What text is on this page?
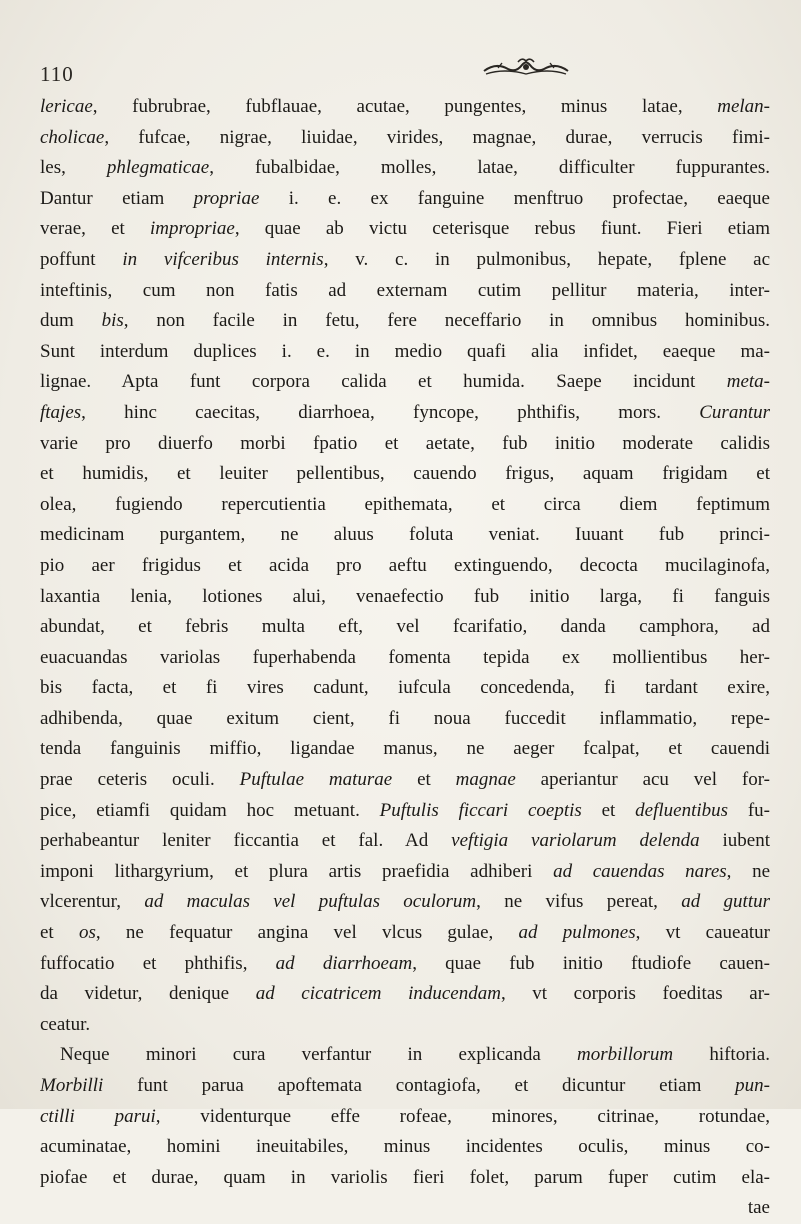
110
lericae, fubrubrae, fubflauae, acutae, pungentes, minus latae, melan-
cholicae, fufcae, nigrae, liuidae, virides, magnae, durae, verrucis fimi-
les, phlegmaticae, fubalbidae, molles, latae, difficulter fuppurantes.
Dantur etiam propriae i. e. ex fanguine menftruo profectae, eaeque
verae, et impropriae, quae ab victu ceterisque rebus fiunt. Fieri etiam
poffunt in vifceribus internis, v. c. in pulmonibus, hepate, fplene ac
inteftinis, cum non fatis ad externam cutim pellitur materia, inter-
dum bis, non facile in fetu, fere neceffario in omnibus hominibus.
Sunt interdum duplices i. e. in medio quafi alia infidet, eaeque ma-
lignae. Apta funt corpora calida et humida. Saepe incidunt meta-
ftajes, hinc caecitas, diarrhoea, fyncope, phthifis, mors. Curantur
varie pro diuerfo morbi fpatio et aetate, fub initio moderate calidis
et humidis, et leuiter pellentibus, cauendo frigus, aquam frigidam et
olea, fugiendo repercutientia epithemata, et circa diem feptimum
medicinam purgantem, ne aluus foluta veniat. Iuuant fub princi-
pio aer frigidus et acida pro aeftu extinguendo, decocta mucilaginofa,
laxantia lenia, lotiones alui, venaefectio fub initio larga, fi fanguis
abundat, et febris multa eft, vel fcarifatio, danda camphora, ad
euacuandas variolas fuperhabenda fomenta tepida ex mollientibus her-
bis facta, et fi vires cadunt, iufcula concedenda, fi tardant exire,
adhibenda, quae exitum cient, fi noua fuccedit inflammatio, repe-
tenda fanguinis miffio, ligandae manus, ne aeger fcalpat, et cauendi
prae ceteris oculi. Puftulae maturae et magnae aperiantur acu vel for-
pice, etiamfi quidam hoc metuant. Puftulis ficcari coeptis et defluentibus fu-
perhabeantur leniter ficcantia et fal. Ad veftigia variolarum delenda iubent
imponi lithargyrium, et plura artis praefidia adhiberi ad cauendas nares, ne
vlcerentur, ad maculas vel puftulas oculorum, ne vifus pereat, ad guttur
et os, ne fequatur angina vel vlcus gulae, ad pulmones, vt caueatur
fuffocatio et phthifis, ad diarrhoeam, quae fub initio ftudiofe cauen-
da videtur, denique ad cicatricem inducendam, vt corporis foeditas ar-
ceatur.
Neque minori cura verfantur in explicanda morbillorum hiftoria.
Morbilli funt parua apoftemata contagiofa, et dicuntur etiam pun-
ctilli parui, videnturque effe rofeae, minores, citrinae, rotundae,
acuminatae, homini ineuitabiles, minus incidentes oculis, minus co-
piofae et durae, quam in variolis fieri folet, parum fuper cutim ela-
tae
